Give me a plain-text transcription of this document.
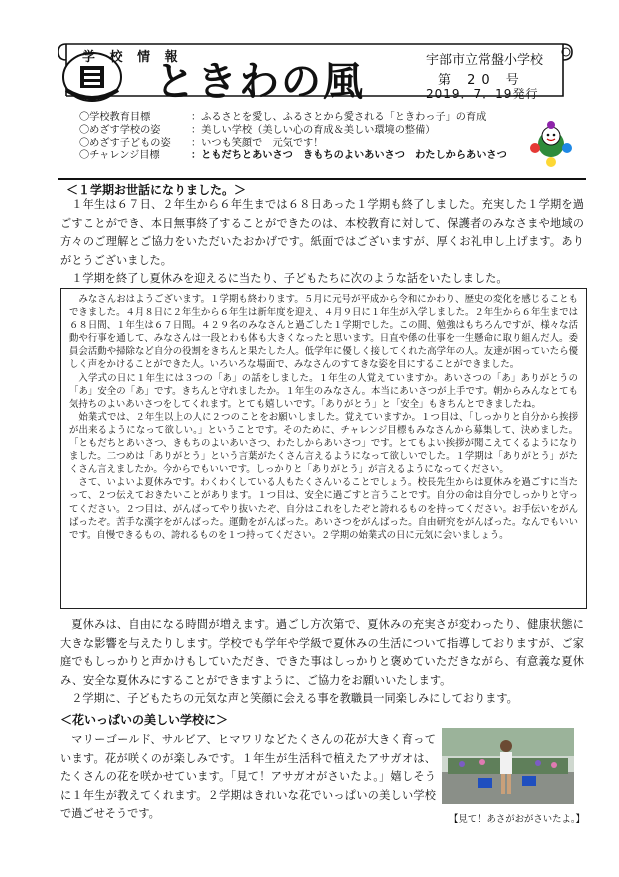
学 校 情 報
ときわの風	宇部市立常盤小学校
第 20 号
2019．7．19発行
〇学校教育目標	：ふるさとを愛し、ふるさとから愛される「ときわっ子」の育成
〇めざす学校の姿	：美しい学校（美しい心の育成＆美しい環境の整備）
〇めざす子どもの姿	：いつも笑顔で　元気です！
〇チャレンジ目標	：ともだちとあいさつ　きもちのよいあいさつ　わたしからあいさつ
＜１学期お世話になりました。＞

１年生は６７日、２年生から６年生までは６８日あった１学期も終了しました。充実した１学期を過ごすことができ、本日無事終了することができたのは、本校教育に対して、保護者のみなさまや地域の方々のご理解とご協力をいただいたおかげです。紙面ではございますが、厚くお礼申し上げます。ありがとうございました。

１学期を終了し夏休みを迎えるに当たり、子どもたちに次のような話をいたしました。

みなさんおはようございます。１学期も終わります。５月に元号が平成から令和にかわり、歴史の変化を感じることもできました。４月８日に２年生から６年生は新年度を迎え、４月９日に１年生が入学しました。２年生から６年生までは６８日間、１年生は６７日間。４２９名のみなさんと過ごした１学期でした。この間、勉強はもちろんですが、様々な活動や行事を通して、みなさんは一段とわも体も大きくなったと思います。日直や係の仕事を一生懸命に取り組んだ人。委員会活動や掃除など自分の役割をきちんと果たした人。低学年に優しく接してくれた高学年の人。友達が困っていたら優しく声をかけることができた人。いろいろな場面で、みなさんのすてきな姿を目にすることができました。

入学式の日に１年生には３つの「あ」の話をしました。１年生の人覚えていますか。あいさつの「あ」ありがとうの「あ」安全の「あ」です。きちんと守れましたか。１年生のみなさん。本当にあいさつが上手です。朝からみんなとても気持ちのよいあいさつをしてくれます。とても嬉しいです。「ありがとう」と「安全」もきちんとできましたね。

始業式では、２年生以上の人に２つのことをお願いしました。覚えていますか。１つ目は、「しっかりと自分から挨拶が出来るようになって欲しい。」ということです。そのために、チャレンジ目標もみなさんから募集して、決めました。「ともだちとあいさつ、きもちのよいあいさつ、わたしからあいさつ」です。とてもよい挨拶が聞こえてくるようになりました。二つめは「ありがとう」という言葉がたくさん言えるようになって欲しいでした。１学期は「ありがとう」がたくさん言えましたか。今からでもいいです。しっかりと「ありがとう」が言えるようになってください。

さて、いよいよ夏休みです。わくわくしている人もたくさんいることでしょう。校長先生からは夏休みを過ごすに当たって、２つ伝えておきたいことがあります。１つ目は、安全に過ごすと言うことです。自分の命は自分でしっかりと守ってください。２つ目は、がんばってやり抜いたぞ、自分はこれをしたぞと誇れるものを持ってください。お手伝いをがんばったぞ。苦手な漢字をがんばった。運動をがんばった。あいさつをがんばった。自由研究をがんばった。なんでもいいです。自慢できるもの、誇れるものを１つ持ってください。２学期の始業式の日に元気に会いましょう。

夏休みは、自由になる時間が増えます。過ごし方次第で、夏休みの充実さが変わったり、健康状態に大きな影響を与えたりします。学校でも学年や学級で夏休みの生活について指導しておりますが、ご家庭でもしっかりと声かけもしていただき、できた事はしっかりと褒めていただきながら、有意義な夏休み、安全な夏休みにすることができますように、ご協力をお願いいたします。

２学期に、子どもたちの元気な声と笑顔に会える事を教職員一同楽しみにしております。

＜花いっぱいの美しい学校に＞

マリーゴールド、サルビア、ヒマワリなどたくさんの花が大きく育っています。花が咲くのが楽しみです。１年生が生活科で植えたアサガオは、たくさんの花を咲かせています。「見て！アサガオがさいたよ。」嬉しそうに１年生が教えてくれます。２学期はきれいな花でいっぱいの美しい学校で過ごせそうです。	【見て！あさがおがさいたよ。】
